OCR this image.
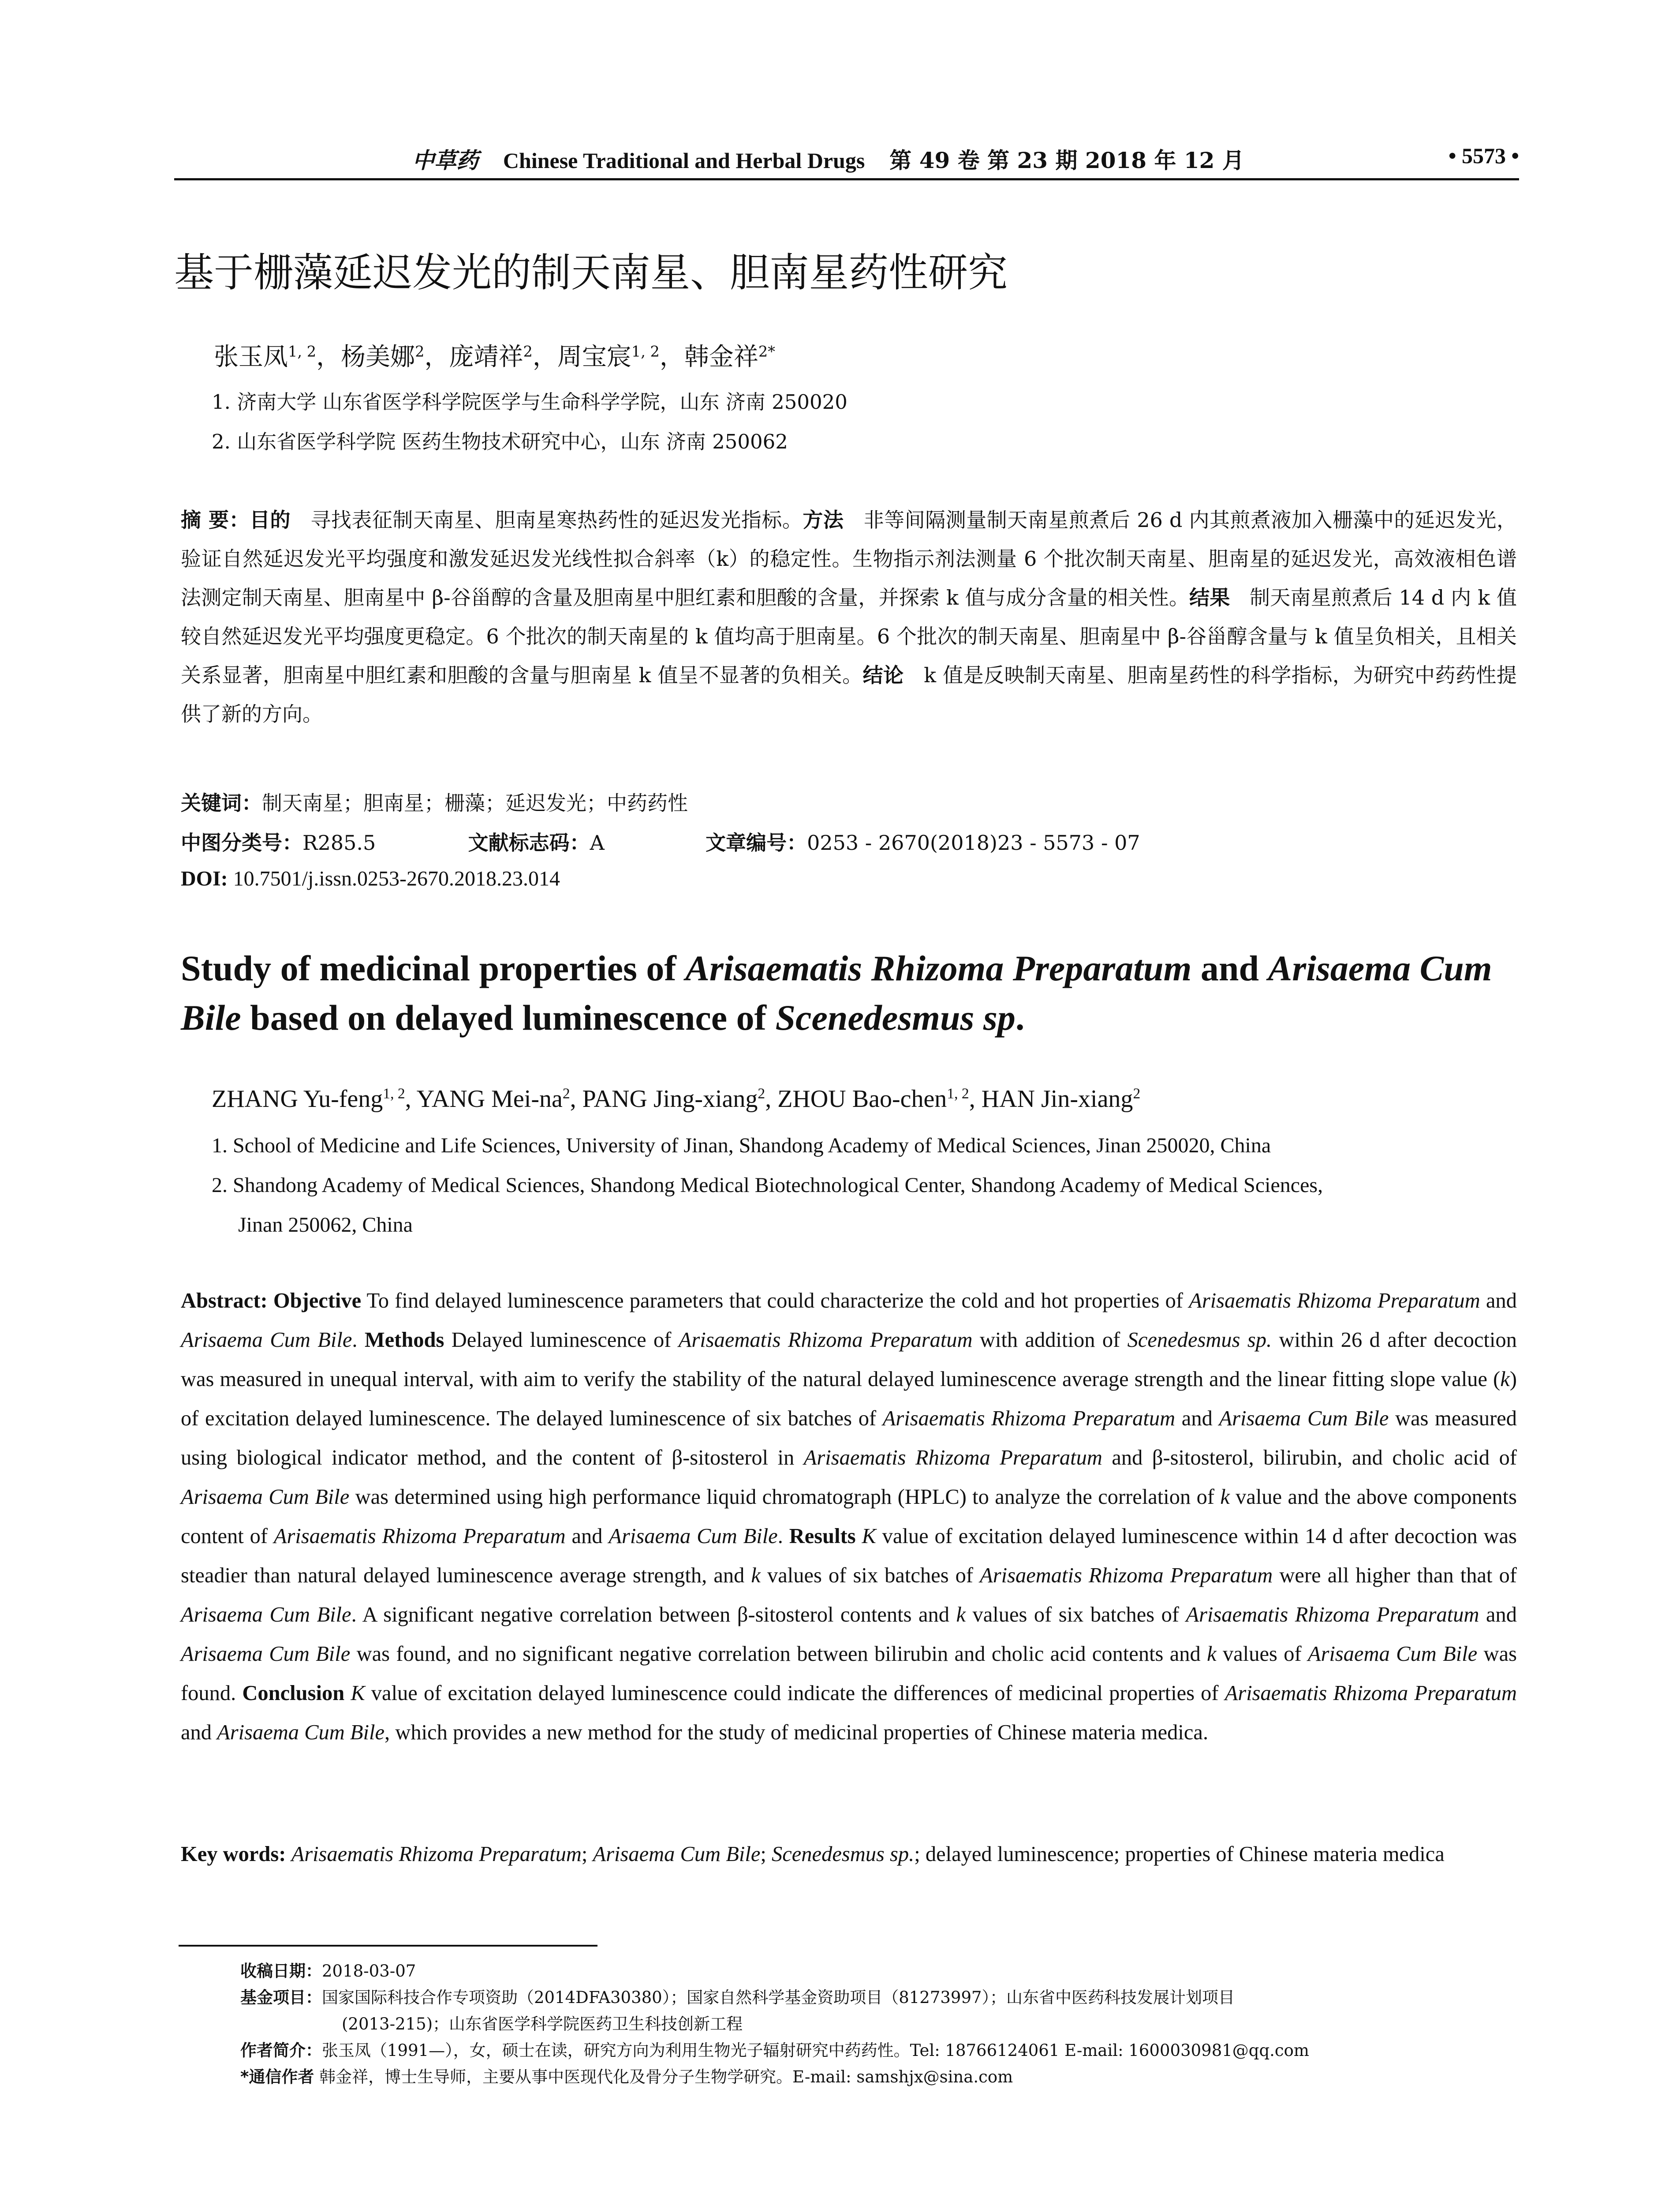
中草药 Chinese Traditional and Herbal Drugs 第 49 卷 第 23 期 2018 年 12 月	• 5573 •
基于栅藻延迟发光的制天南星、胆南星药性研究
张玉凤$^{1, 2}$，杨美娜$^2$，庞靖祥$^2$，周宝宸$^{1, 2}$，韩金祥$^{2*}$
1. 济南大学 山东省医学科学院医学与生命科学学院，山东 济南 250020
2. 山东省医学科学院 医药生物技术研究中心，山东 济南 250062
摘 要：目的 寻找表征制天南星、胆南星寒热药性的延迟发光指标。方法 非等间隔测量制天南星煎煮后 26 d 内其煎煮液加入栅藻中的延迟发光，验证自然延迟发光平均强度和激发延迟发光线性拟合斜率（k）的稳定性。生物指示剂法测量 6 个批次制天南星、胆南星的延迟发光，高效液相色谱法测定制天南星、胆南星中 β-谷甾醇的含量及胆南星中胆红素和胆酸的含量，并探索 k 值与成分含量的相关性。结果 制天南星煎煮后 14 d 内 k 值较自然延迟发光平均强度更稳定。6 个批次的制天南星的 k 值均高于胆南星。6 个批次的制天南星、胆南星中 β-谷甾醇含量与 k 值呈负相关，且相关关系显著，胆南星中胆红素和胆酸的含量与胆南星 k 值呈不显著的负相关。结论 k 值是反映制天南星、胆南星药性的科学指标，为研究中药药性提供了新的方向。
关键词：制天南星；胆南星；栅藻；延迟发光；中药药性
中图分类号：R285.5	文献标志码：A	文章编号：0253 - 2670(2018)23 - 5573 - 07
DOI: 10.7501/j.issn.0253-2670.2018.23.014
Study of medicinal properties of Arisaematis Rhizoma Preparatum and Arisaema Cum Bile based on delayed luminescence of Scenedesmus sp.
ZHANG Yu-feng$^{1, 2}$, YANG Mei-$na^2$, PANG Jing-xiang$^2$, ZHOU Bao-chen$^{1, 2}$, HAN Jin-xiang$^2$
1. School of Medicine and Life Sciences, University of Jinan, Shandong Academy of Medical Sciences, Jinan 250020, China
2. Shandong Academy of Medical Sciences, Shandong Medical Biotechnological Center, Shandong Academy of Medical Sciences,
Jinan 250062, China
Abstract: Objective To find delayed luminescence parameters that could characterize the cold and hot properties of Arisaematis Rhizoma Preparatum and Arisaema Cum Bile. Methods Delayed luminescence of Arisaematis Rhizoma Preparatum with addition of Scenedesmus sp. within 26 d after decoction was measured in unequal interval, with aim to verify the stability of the natural delayed luminescence average strength and the linear fitting slope value (k) of excitation delayed luminescence. The delayed luminescence of six batches of Arisaematis Rhizoma Preparatum and Arisaema Cum Bile was measured using biological indicator method, and the content of β-sitosterol in Arisaematis Rhizoma Preparatum and β-sitosterol, bilirubin, and cholic acid of Arisaema Cum Bile was determined using high performance liquid chromatograph (HPLC) to analyze the correlation of k value and the above components content of Arisaematis Rhizoma Preparatum and Arisaema Cum Bile. Results K value of excitation delayed luminescence within 14 d after decoction was steadier than natural delayed luminescence average strength, and k values of six batches of Arisaematis Rhizoma Preparatum were all higher than that of Arisaema Cum Bile. A significant negative correlation between β-sitosterol contents and k values of six batches of Arisaematis Rhizoma Preparatum and Arisaema Cum Bile was found, and no significant negative correlation between bilirubin and cholic acid contents and k values of Arisaema Cum Bile was found. Conclusion K value of excitation delayed luminescence could indicate the differences of medicinal properties of Arisaematis Rhizoma Preparatum and Arisaema Cum Bile, which provides a new method for the study of medicinal properties of Chinese materia medica.
Key words: Arisaematis Rhizoma Preparatum; Arisaema Cum Bile; Scenedesmus sp.; delayed luminescence; properties of Chinese materia medica
收稿日期：2018-03-07
基金项目：国家国际科技合作专项资助（2014DFA30380）；国家自然科学基金资助项目（81273997）；山东省中医药科技发展计划项目
(2013-215)；山东省医学科学院医药卫生科技创新工程
作者简介：张玉凤（1991—），女，硕士在读，研究方向为利用生物光子辐射研究中药药性。Tel: 18766124061 E-mail: 1600030981@qq.com
*通信作者 韩金祥，博士生导师，主要从事中医现代化及骨分子生物学研究。E-mail: samshjx@sina.com
